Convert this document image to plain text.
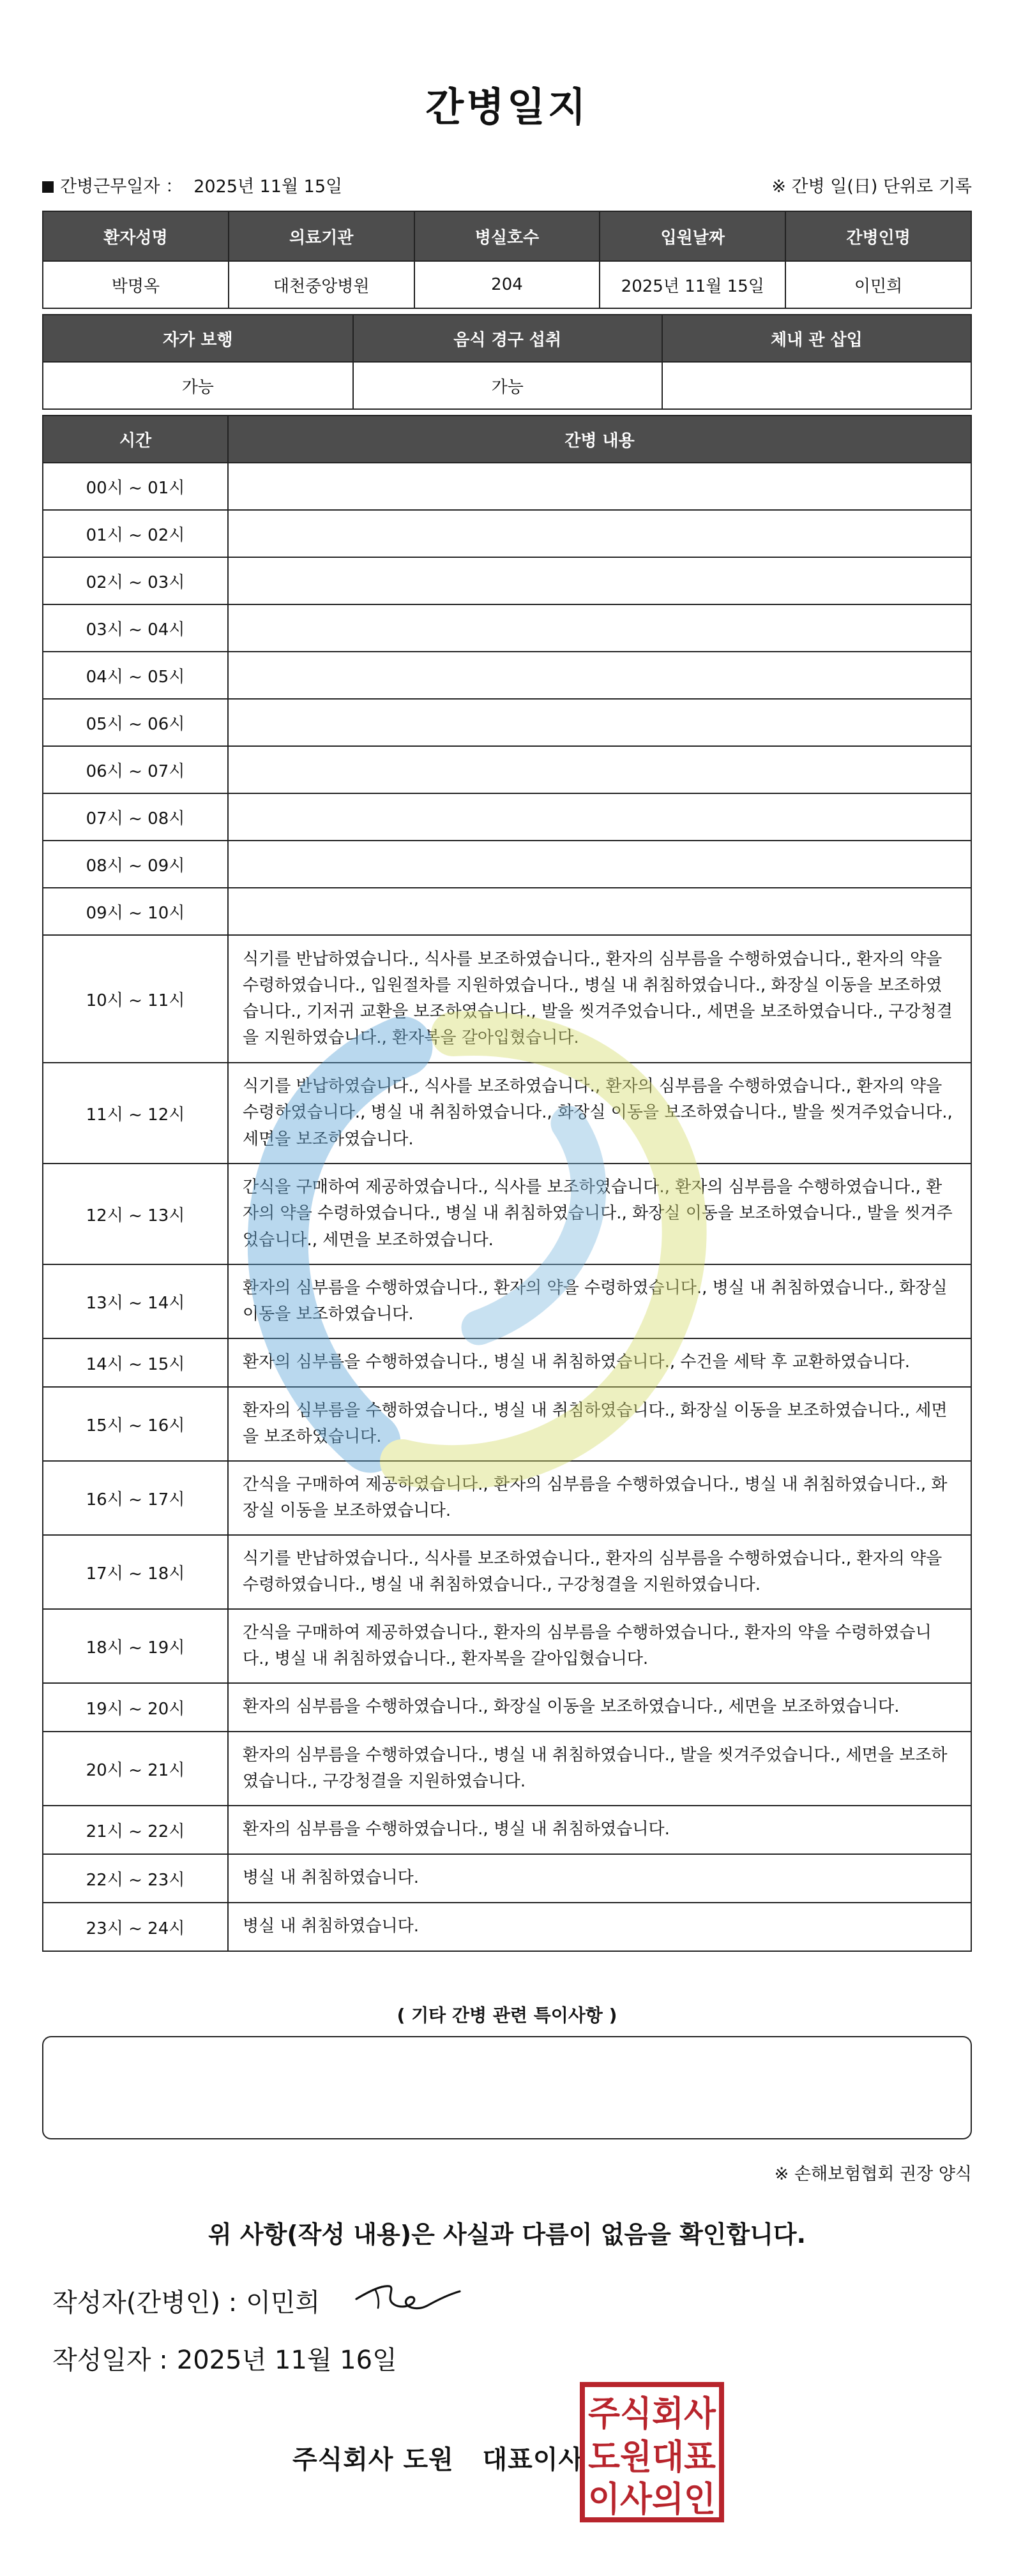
간병일지
간병근무일자 ： 2025년 11월 15일	※ 간병 일(日) 단위로 기록
환자성명	의료기관	병실호수	입원날짜	간병인명
박명옥	대천중앙병원	204	2025년 11월 15일	이민희
자가 보행	음식 경구 섭취	체내 관 삽입
가능	가능	
시간	간병 내용
00시 ~ 01시	
01시 ~ 02시	
02시 ~ 03시	
03시 ~ 04시	
04시 ~ 05시	
05시 ~ 06시	
06시 ~ 07시	
07시 ~ 08시	
08시 ~ 09시	
09시 ~ 10시	
10시 ~ 11시	식기를 반납하였습니다., 식사를 보조하였습니다., 환자의 심부름을 수행하였습니다., 환자의 약을 수령하였습니다., 입원절차를 지원하였습니다., 병실 내 취침하였습니다., 화장실 이동을 보조하였습니다., 기저귀 교환을 보조하였습니다., 발을 씻겨주었습니다., 세면을 보조하였습니다., 구강청결을 지원하였습니다., 환자복을 갈아입혔습니다.
11시 ~ 12시	식기를 반납하였습니다., 식사를 보조하였습니다., 환자의 심부름을 수행하였습니다., 환자의 약을 수령하였습니다., 병실 내 취침하였습니다., 화장실 이동을 보조하였습니다., 발을 씻겨주었습니다., 세면을 보조하였습니다.
12시 ~ 13시	간식을 구매하여 제공하였습니다., 식사를 보조하였습니다., 환자의 심부름을 수행하였습니다., 환자의 약을 수령하였습니다., 병실 내 취침하였습니다., 화장실 이동을 보조하였습니다., 발을 씻겨주었습니다., 세면을 보조하였습니다.
13시 ~ 14시	환자의 심부름을 수행하였습니다., 환자의 약을 수령하였습니다., 병실 내 취침하였습니다., 화장실 이동을 보조하였습니다.
14시 ~ 15시	환자의 심부름을 수행하였습니다., 병실 내 취침하였습니다., 수건을 세탁 후 교환하였습니다.
15시 ~ 16시	환자의 심부름을 수행하였습니다., 병실 내 취침하였습니다., 화장실 이동을 보조하였습니다., 세면을 보조하였습니다.
16시 ~ 17시	간식을 구매하여 제공하였습니다., 환자의 심부름을 수행하였습니다., 병실 내 취침하였습니다., 화장실 이동을 보조하였습니다.
17시 ~ 18시	식기를 반납하였습니다., 식사를 보조하였습니다., 환자의 심부름을 수행하였습니다., 환자의 약을 수령하였습니다., 병실 내 취침하였습니다., 구강청결을 지원하였습니다.
18시 ~ 19시	간식을 구매하여 제공하였습니다., 환자의 심부름을 수행하였습니다., 환자의 약을 수령하였습니다., 병실 내 취침하였습니다., 환자복을 갈아입혔습니다.
19시 ~ 20시	환자의 심부름을 수행하였습니다., 화장실 이동을 보조하였습니다., 세면을 보조하였습니다.
20시 ~ 21시	환자의 심부름을 수행하였습니다., 병실 내 취침하였습니다., 발을 씻겨주었습니다., 세면을 보조하였습니다., 구강청결을 지원하였습니다.
21시 ~ 22시	환자의 심부름을 수행하였습니다., 병실 내 취침하였습니다.
22시 ~ 23시	병실 내 취침하였습니다.
23시 ~ 24시	병실 내 취침하였습니다.
( 기타 간병 관련 특이사항 )
※ 손해보험협회 권장 양식
위 사항(작성 내용)은 사실과 다름이 없음을 확인합니다.
작성자(간병인) : 이민희
작성일자 : 2025년 11월 16일
주식회사 도원 대표이사
주식회사
도원대표
이사의인
